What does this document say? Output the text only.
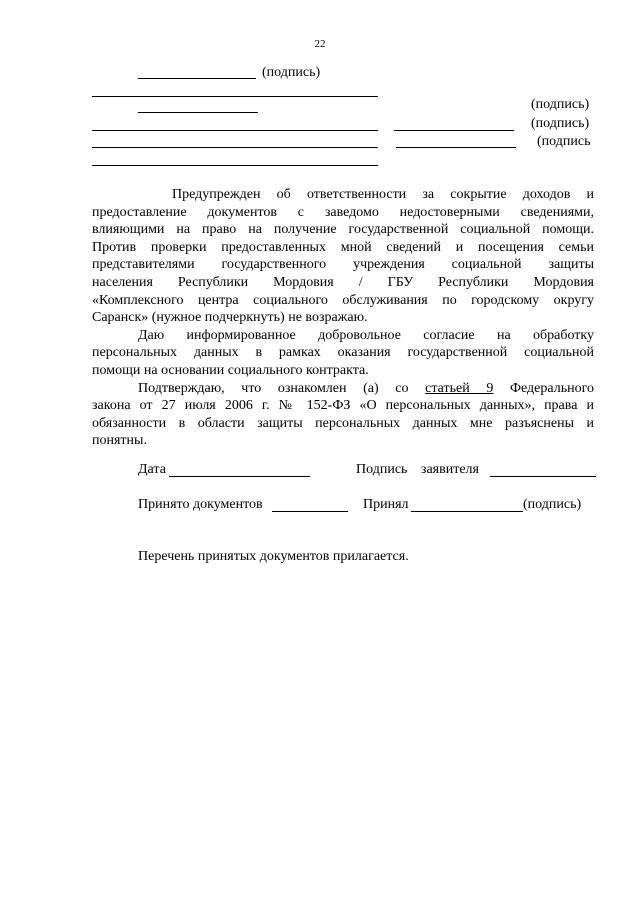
22
(подпись)
(подпись)
(подпись)
(подпись

Предупрежден об ответственности за сокрытие доходов и

предоставление документов с заведомо недостоверными сведениями,

влияющими на право на получение государственной социальной помощи.

Против проверки предоставленных мной сведений и посещения семьи

представителями государственного учреждения социальной защиты

населения Республики Мордовия / ГБУ Республики Мордовия

«Комплексного центра социального обслуживания по городскому округу

Саранск» (нужное подчеркнуть) не возражаю.

Даю информированное добровольное согласие на обработку

персональных данных в рамках оказания государственной социальной

помощи на основании социального контракта.

Подтверждаю, что ознакомлен (а) со статьей 9 Федерального

закона от 27 июля 2006 г. № 152-ФЗ «О персональных данных», права и

обязанности в области защиты персональных данных мне разъяснены и

понятны.

Дата	Подпись заявителя
Принято документов	Принял	(подпись)
Перечень принятых документов прилагается.
